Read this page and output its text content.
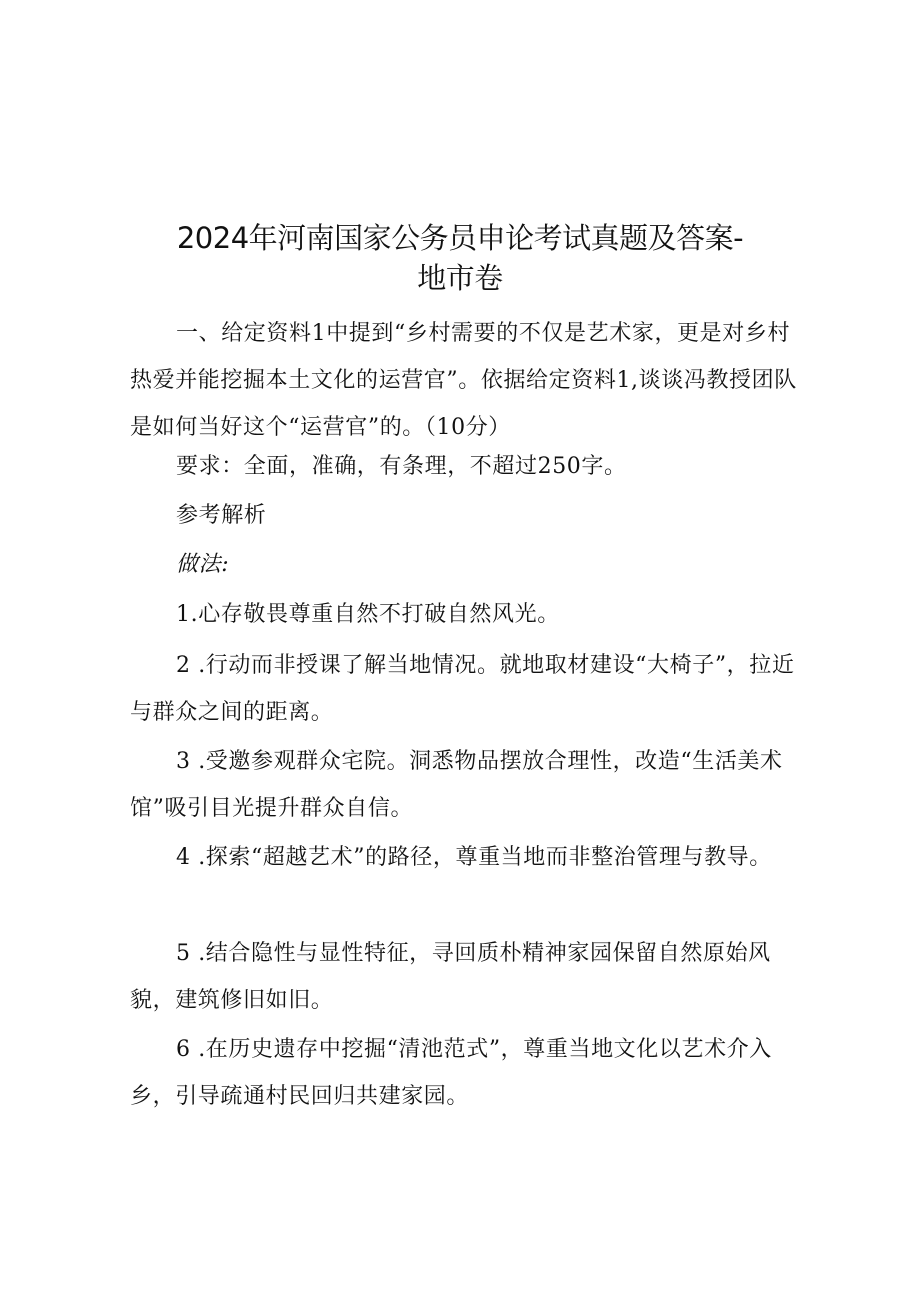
2024年河南国家公务员申论考试真题及答案-
地市卷

一、给定资料1中提到“乡村需要的不仅是艺术家，更是对乡村热爱并能挖掘本土文化的运营官”。依据给定资料1,谈谈冯教授团队是如何当好这个“运营官”的。（10分）

要求：全面，准确，有条理，不超过250字。
参考解析
做法:
1.心存敬畏尊重自然不打破自然风光。

2 .行动而非授课了解当地情况。就地取材建设“大椅子”，拉近与群众之间的距离。

3 .受邀参观群众宅院。洞悉物品摆放合理性，改造“生活美术馆”吸引目光提升群众自信。

4 .探索“超越艺术”的路径，尊重当地而非整治管理与教导。

5 .结合隐性与显性特征，寻回质朴精神家园保留自然原始风貌，建筑修旧如旧。

6 .在历史遗存中挖掘“清池范式”，尊重当地文化以艺术介入乡，引导疏通村民回归共建家园。
